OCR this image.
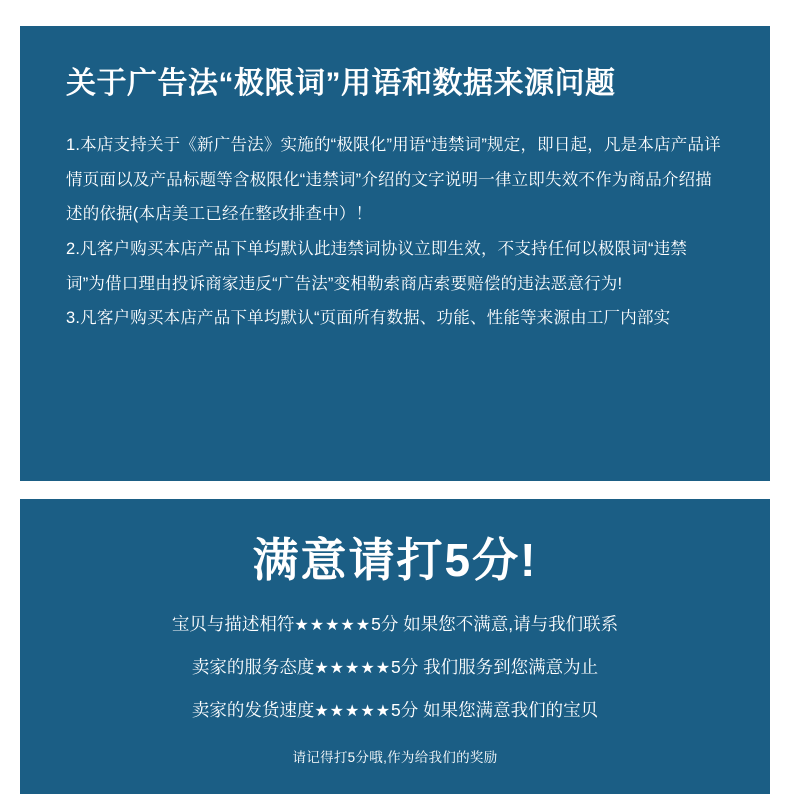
关于广告法“极限词”用语和数据来源问题

1.本店支持关于《新广告法》实施的“极限化”用语“违禁词”规定，即日起，凡是本店产品详情页面以及产品标题等含极限化“违禁词”介绍的文字说明一律立即失效不作为商品介绍描述的依据(本店美工已经在整改排查中）！

2.凡客户购买本店产品下单均默认此违禁词协议立即生效，不支持任何以极限词“违禁词”为借口理由投诉商家违反“广告法”变相勒索商店索要赔偿的违法恶意行为!

3.凡客户购买本店产品下单均默认“页面所有数据、功能、性能等来源由工厂内部实

满意请打5分!

宝贝与描述相符★★★★★5分 如果您不满意,请与我们联系

卖家的服务态度★★★★★5分 我们服务到您满意为止

卖家的发货速度★★★★★5分 如果您满意我们的宝贝

请记得打5分哦,作为给我们的奖励
